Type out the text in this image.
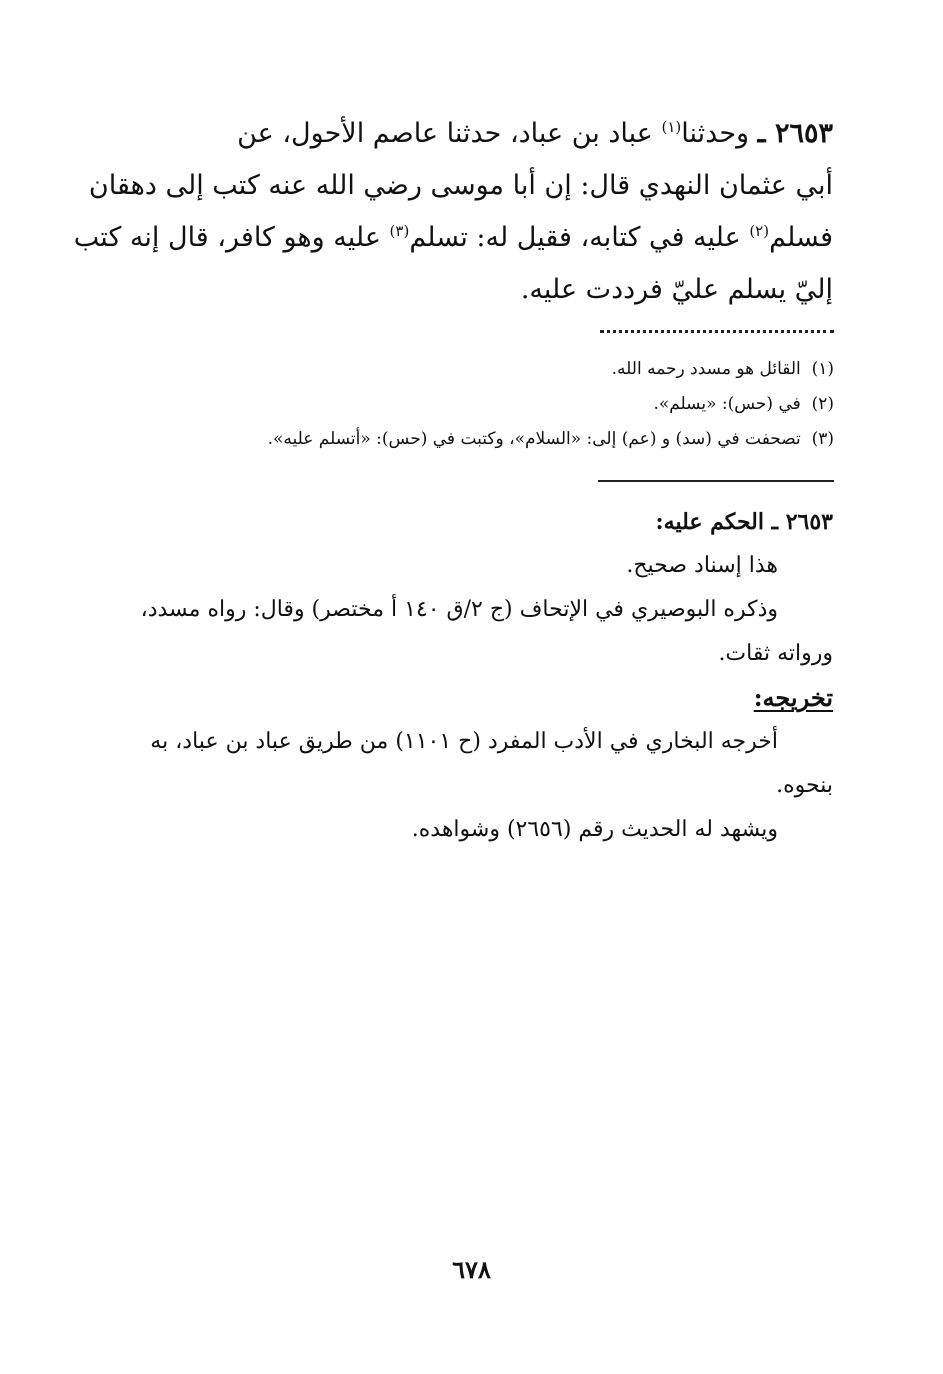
٢٦٥٣ ـ وحدثنا$^{(١)}$ عباد بن عباد، حدثنا عاصم الأحول، عن
أبي عثمان النهدي قال: إن أبا موسى رضي الله عنه كتب إلى دهقان
فسلم$^{(٢)}$ عليه في كتابه، فقيل له: تسلم$^{(٣)}$ عليه وهو كافر، قال إنه كتب
إليّ يسلم عليّ فرددت عليه.
(١)  القائل هو مسدد رحمه الله.
(٢)  في (حس): «يسلم».
(٣)  تصحفت في (سد) و (عم) إلى: «السلام»، وكتبت في (حس): «أتسلم عليه».
٢٦٥٣ ـ الحكم عليه:
هذا إسناد صحيح.
وذكره البوصيري في الإتحاف (ج ٢/ق ١٤٠ أ مختصر) وقال: رواه مسدد،
ورواته ثقات.
تخريجه:
أخرجه البخاري في الأدب المفرد (ح ١١٠١) من طريق عباد بن عباد، به
بنحوه.
ويشهد له الحديث رقم (٢٦٥٦) وشواهده.
٦٧٨
